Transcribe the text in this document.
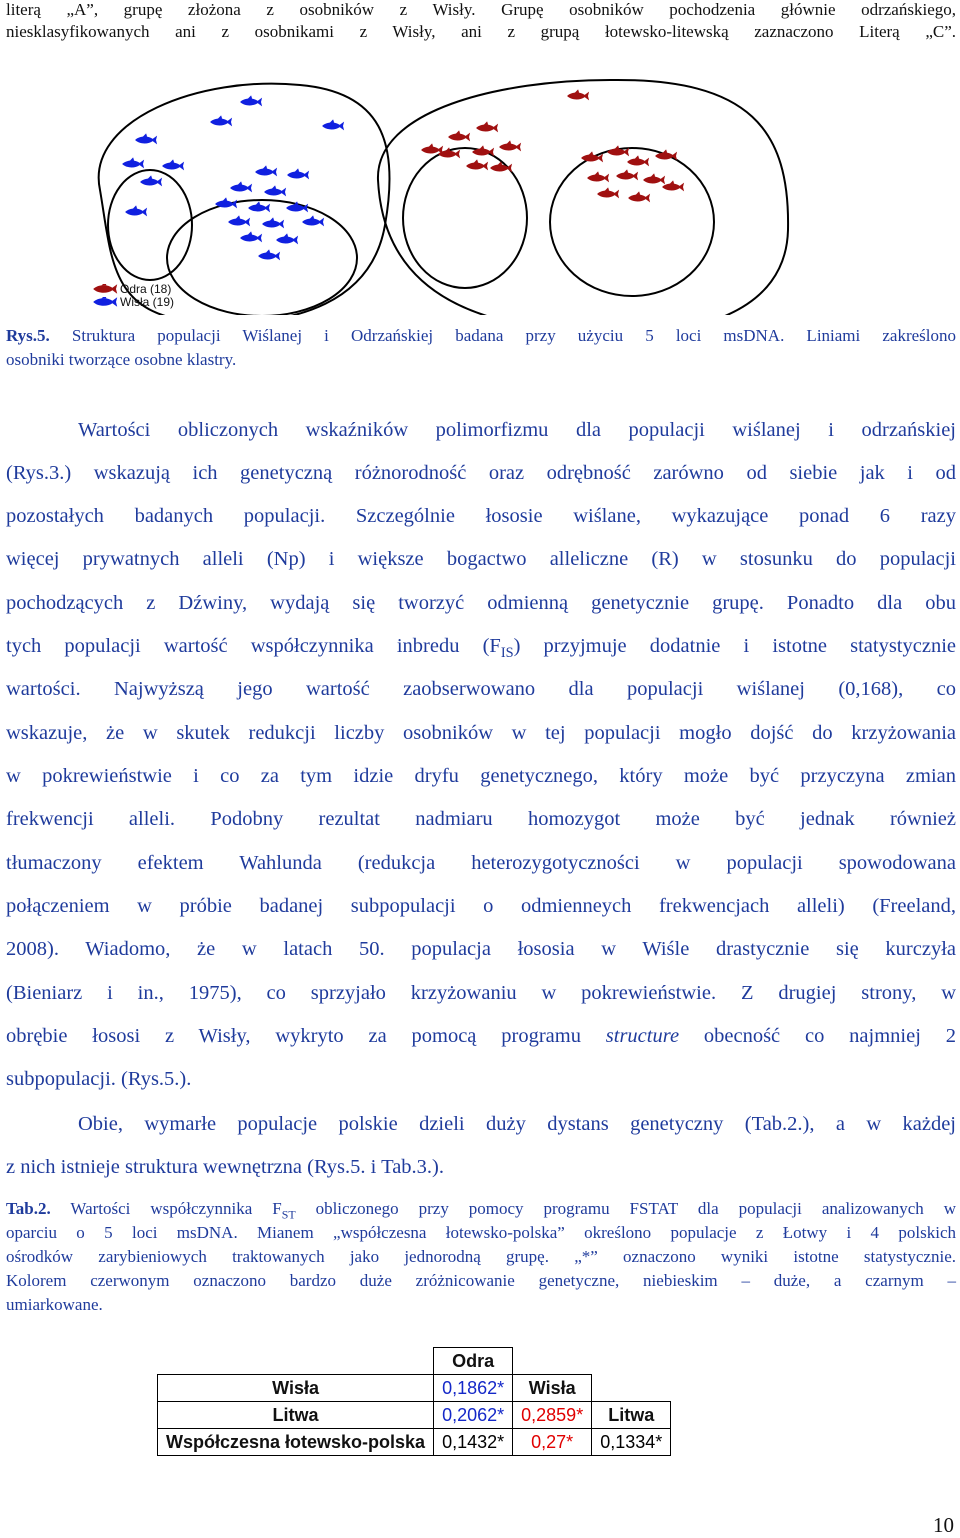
literą „A”, grupę złożona z osobników z Wisły. Grupę osobników pochodzenia głównie odrzańskiego,
niesklasyfikowanych ani z osobnikami z Wisły, ani z grupą łotewsko-litewską zaznaczono Literą „C”.
Odra (18)
Wisła (19)
Rys.5. Struktura populacji Wiślanej i Odrzańskiej badana przy użyciu 5 loci msDNA. Liniami zakreślono
osobniki tworzące osobne klastry.
Wartości obliczonych wskaźników polimorfizmu dla populacji wiślanej i odrzańskiej
(Rys.3.) wskazują ich genetyczną różnorodność oraz odrębność zarówno od siebie jak i od
pozostałych badanych populacji. Szczególnie łososie wiślane, wykazujące ponad 6 razy
więcej prywatnych alleli (Np) i większe bogactwo alleliczne (R) w stosunku do populacji
pochodzących z Dźwiny, wydają się tworzyć odmienną genetycznie grupę. Ponadto dla obu
tych populacji wartość współczynnika inbredu $(F_{IS})$ przyjmuje dodatnie i istotne statystycznie
wartości. Najwyższą jego wartość zaobserwowano dla populacji wiślanej (0,168), co
wskazuje, że w skutek redukcji liczby osobników w tej populacji mogło dojść do krzyżowania
w pokrewieństwie i co za tym idzie dryfu genetycznego, który może być przyczyna zmian
frekwencji alleli. Podobny rezultat nadmiaru homozygot może być jednak również
tłumaczony efektem Wahlunda (redukcja heterozygotyczności w populacji spowodowana
połączeniem w próbie badanej subpopulacji o odmienneych frekwencjach alleli) (Freeland,
2008). Wiadomo, że w latach 50. populacja łososia w Wiśle drastycznie się kurczyła
(Bieniarz i in., 1975), co sprzyjało krzyżowaniu w pokrewieństwie. Z drugiej strony, w
obrębie łososi z Wisły, wykryto za pomocą programu structure obecność co najmniej 2
subpopulacji. (Rys.5.).
Obie, wymarłe populacje polskie dzieli duży dystans genetyczny (Tab.2.), a w każdej
z nich istnieje struktura wewnętrzna (Rys.5. i Tab.3.).
Tab.2. Wartości współczynnika $F_{ST}$ obliczonego przy pomocy programu FSTAT dla populacji analizowanych w
oparciu o 5 loci msDNA. Mianem „współczesna łotewsko-polska” określono populacje z Łotwy i 4 polskich
ośrodków zarybieniowych traktowanych jako jednorodną grupę. „*” oznaczono wyniki istotne statystycznie.
Kolorem czerwonym oznaczono bardzo duże zróżnicowanie genetyczne, niebieskim – duże, a czarnym –
umiarkowane.
	Odra		
Wisła	0,1862*	Wisła	
Litwa	0,2062*	0,2859*	Litwa
Współczesna łotewsko-polska	0,1432*	0,27*	0,1334*
10
